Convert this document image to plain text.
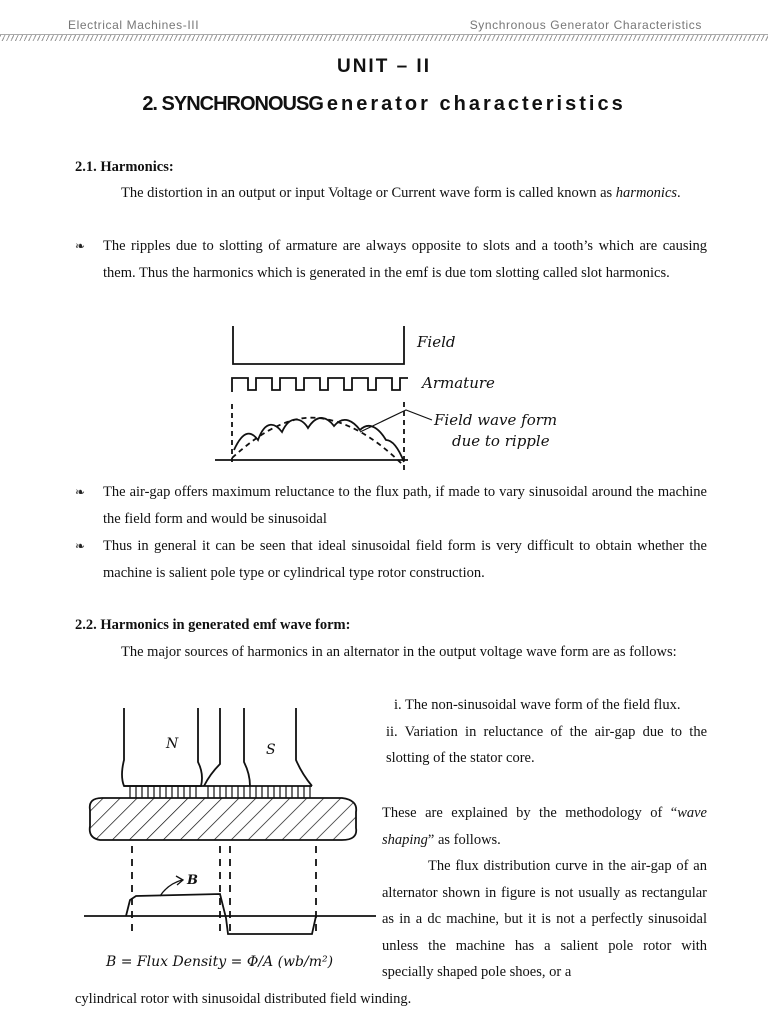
Electrical Machines-III	Synchronous Generator Characteristics
UNIT – II
2. SYNCHRONOUSGenerator characteristics
2.1. Harmonics:
The distortion in an output or input Voltage or Current wave form is called known as harmonics.
❧ The ripples due to slotting of armature are always opposite to slots and a tooth’s which are causing them. Thus the harmonics which is generated in the emf is due tom slotting called slot harmonics.
Field
Armature
Field wave form
due to ripple
❧ The air-gap offers maximum reluctance to the flux path, if made to vary sinusoidal around the machine the field form and would be sinusoidal
❧ Thus in general it can be seen that ideal sinusoidal field form is very difficult to obtain whether the machine is salient pole type or cylindrical type rotor construction.
2.2. Harmonics in generated emf wave form:
The major sources of harmonics in an alternator in the output voltage wave form are as follows:
i. The non-sinusoidal wave form of the field flux.
ii. Variation in reluctance of the air-gap due to the slotting of the stator core.
These are explained by the methodology of “wave shaping” as follows.
The flux distribution curve in the air-gap of an alternator shown in figure is not usually as rectangular as in a dc machine, but it is not a perfectly sinusoidal unless the machine has a salient pole rotor with specially shaped pole shoes, or a
cylindrical rotor with sinusoidal distributed field winding.
N	S
B
B = Flux Density = Φ/A (wb/m²)
